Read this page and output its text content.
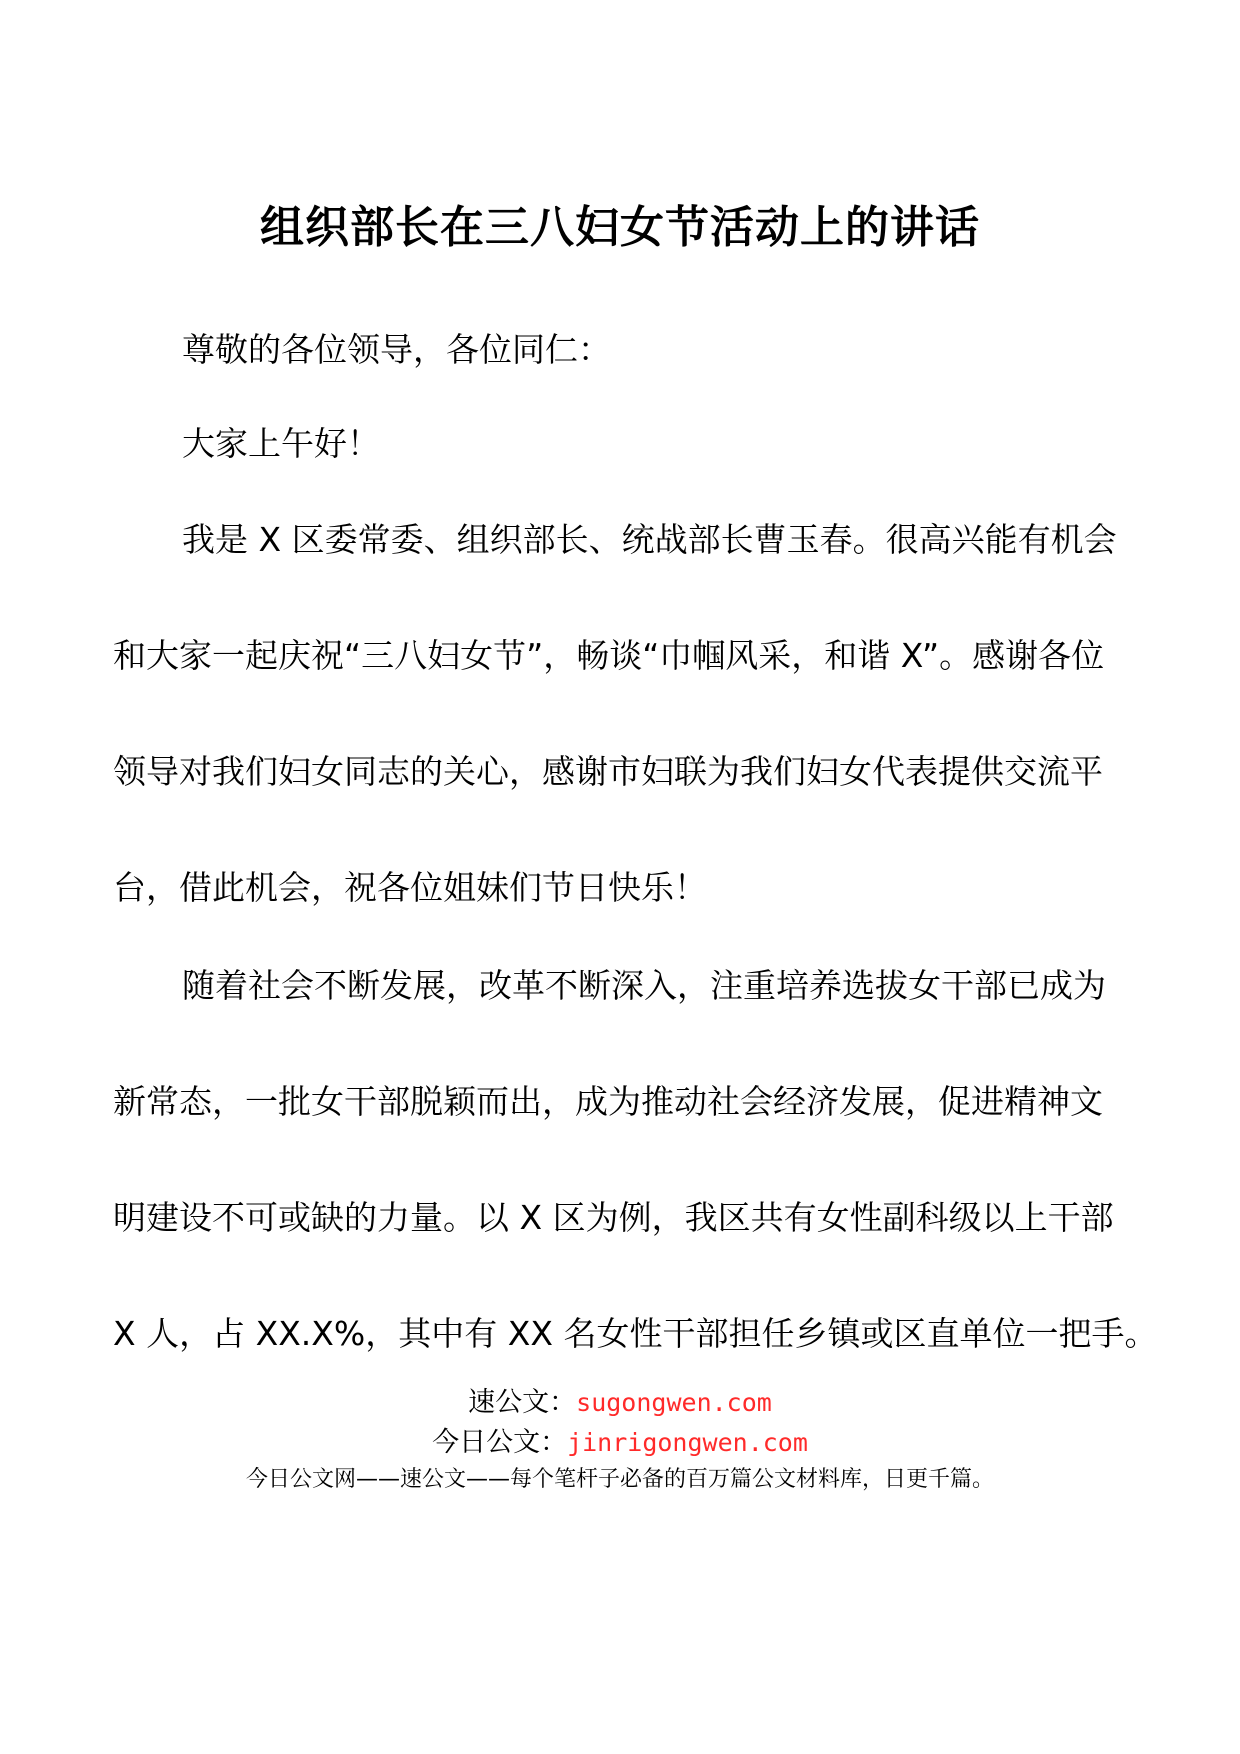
组织部长在三八妇女节活动上的讲话
尊敬的各位领导，各位同仁：
大家上午好！
我是 X 区委常委、组织部长、统战部长曹玉春。很高兴能有机会
和大家一起庆祝“三八妇女节”，畅谈“巾帼风采，和谐 X”。感谢各位
领导对我们妇女同志的关心，感谢市妇联为我们妇女代表提供交流平
台，借此机会，祝各位姐妹们节日快乐！
随着社会不断发展，改革不断深入，注重培养选拔女干部已成为
新常态，一批女干部脱颖而出，成为推动社会经济发展，促进精神文
明建设不可或缺的力量。以 X 区为例，我区共有女性副科级以上干部
X 人，占 XX.X%，其中有 XX 名女性干部担任乡镇或区直单位一把手。
速公文：sugongwen.com
今日公文：jinrigongwen.com
今日公文网——速公文——每个笔杆子必备的百万篇公文材料库，日更千篇。
